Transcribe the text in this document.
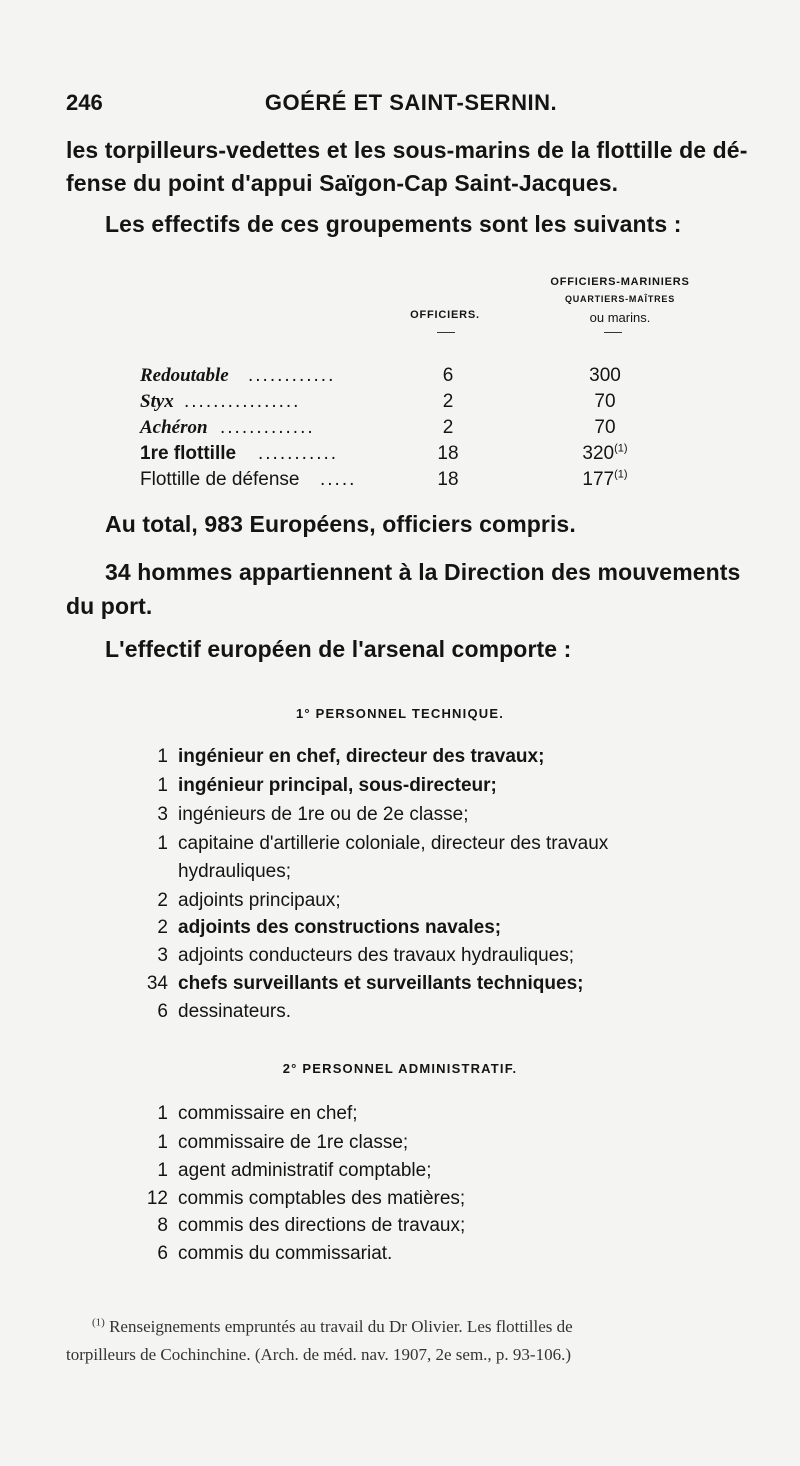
246	GOÉRÉ ET SAINT-SERNIN.
les torpilleurs-vedettes et les sous-marins de la flottille de dé-
fense du point d'appui Saïgon-Cap Saint-Jacques.
Les effectifs de ces groupements sont les suivants :
OFFICIERS-MARINIERS
QUARTIERS-MAÎTRES
ou marins.
OFFICIERS.
Redoutable ............	6	300
Styx ................	2	70
Achéron .............	2	70
1re flottille ...........	18	320$^{(1)}$
Flottille de défense .....	18	177$^{(1)}$
Au total, 983 Européens, officiers compris.
34 hommes appartiennent à la Direction des mouvements
du port.
L'effectif européen de l'arsenal comporte :
1° PERSONNEL TECHNIQUE.
1 ingénieur en chef, directeur des travaux;
1 ingénieur principal, sous-directeur;
3 ingénieurs de 1re ou de 2e classe;
1 capitaine d'artillerie coloniale, directeur des travaux
hydrauliques;
2 adjoints principaux;
2 adjoints des constructions navales;
3 adjoints conducteurs des travaux hydrauliques;
34 chefs surveillants et surveillants techniques;
6 dessinateurs.
2° PERSONNEL ADMINISTRATIF.
1 commissaire en chef;
1 commissaire de 1re classe;
1 agent administratif comptable;
12 commis comptables des matières;
8 commis des directions de travaux;
6 commis du commissariat.
$^{(1)}$ Renseignements empruntés au travail du Dr Olivier. Les flottilles de
torpilleurs de Cochinchine. (Arch. de méd. nav. 1907, 2e sem., p. 93-106.)
